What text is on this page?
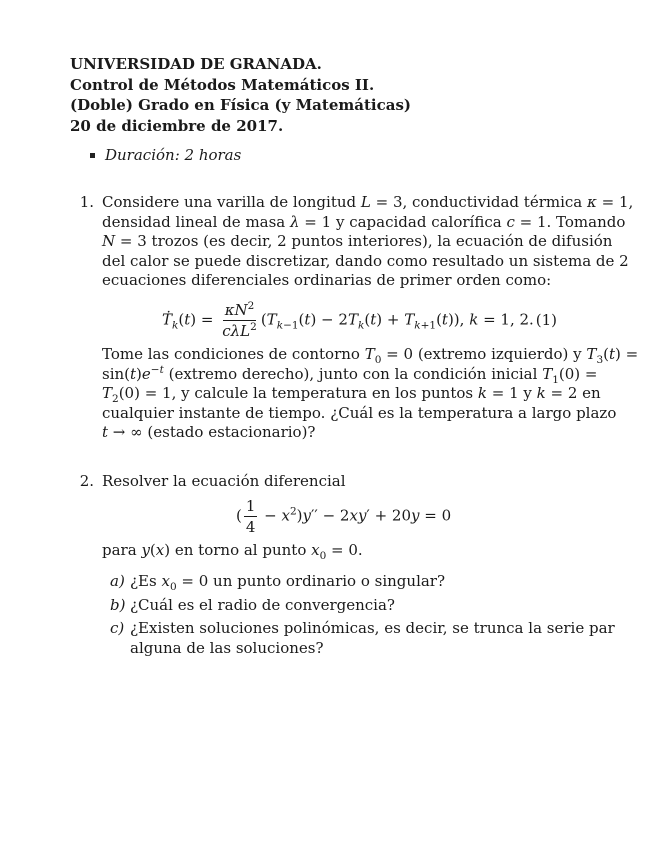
UNIVERSIDAD DE GRANADA.
Control de Métodos Matemáticos II.
(Doble) Grado en Física (y Matemáticas)
20 de diciembre de 2017.
Duración: 2 horas
1. Considere una varilla de longitud L = 3, conductividad térmica κ = 1,
densidad lineal de masa λ = 1 y capacidad calorífica c = 1. Tomando
N = 3 trozos (es decir, 2 puntos interiores), la ecuación de difusión
del calor se puede discretizar, dando como resultado un sistema de 2
ecuaciones diferenciales ordinarias de primer orden como:
Ṫ$_k$(t) = $\frac{\kappa N^2}{c\lambda L^2} (T_{k-1}(t) - 2T_k(t) + T_{k+1}(t))$, k = 1, 2. (1)
Tome las condiciones de contorno $T_0 = 0$ (extremo izquierdo) y $T_3(t)$ =
$\sin(t)e^{-t}$ (extremo derecho), junto con la condición inicial $T_1(0)$ =
$T_2(0) = 1$, y calcule la temperatura en los puntos k = 1 y k = 2 en
cualquier instante de tiempo. ¿Cuál es la temperatura a largo plazo
t → ∞ (estado estacionario)?
2. Resolver la ecuación diferencial
( $\frac{1}{4} - x^2)y'' - 2xy' + 20y = 0$
para y(x) en torno al punto $x_0 = 0$.
a) ¿Es $x_0 = 0$ un punto ordinario o singular?
b) ¿Cuál es el radio de convergencia?
c) ¿Existen soluciones polinómicas, es decir, se trunca la serie par
alguna de las soluciones?
